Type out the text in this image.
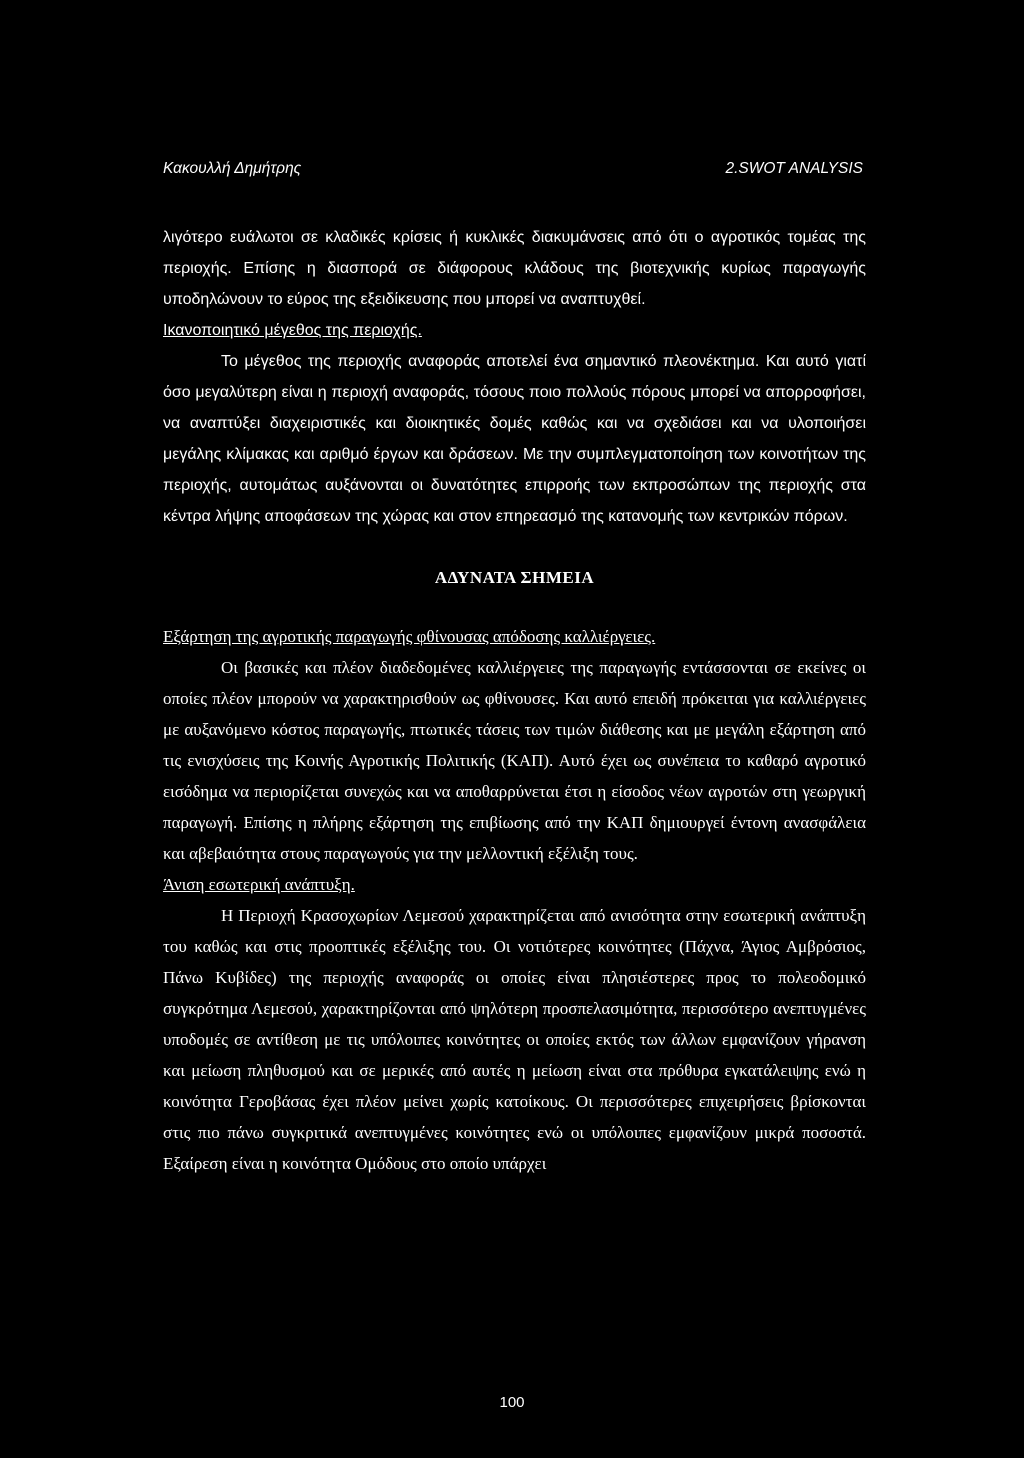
Κακουλλή Δημήτρης	2.SWOT ANALYSIS

λιγότερο ευάλωτοι σε κλαδικές κρίσεις ή κυκλικές διακυμάνσεις από ότι ο αγροτικός τομέας της περιοχής. Επίσης η διασπορά σε διάφορους κλάδους της βιοτεχνικής κυρίως παραγωγής υποδηλώνουν το εύρος της εξειδίκευσης που μπορεί να αναπτυχθεί.

Ικανοποιητικό μέγεθος της περιοχής.

Το μέγεθος της περιοχής αναφοράς αποτελεί ένα σημαντικό πλεονέκτημα. Και αυτό γιατί όσο μεγαλύτερη είναι η περιοχή αναφοράς, τόσους ποιο πολλούς πόρους μπορεί να απορροφήσει, να αναπτύξει διαχειριστικές και διοικητικές δομές καθώς και να σχεδιάσει και να υλοποιήσει μεγάλης κλίμακας και αριθμό έργων και δράσεων. Με την συμπλεγματοποίηση των κοινοτήτων της περιοχής, αυτομάτως αυξάνονται οι δυνατότητες επιρροής των εκπροσώπων της περιοχής στα κέντρα λήψης αποφάσεων της χώρας και στον επηρεασμό της κατανομής των κεντρικών πόρων.

ΑΔΥΝΑΤΑ ΣΗΜΕΙΑ

Εξάρτηση της αγροτικής παραγωγής φθίνουσας απόδοσης καλλιέργειες.

Οι βασικές και πλέον διαδεδομένες καλλιέργειες της παραγωγής εντάσσονται σε εκείνες οι οποίες πλέον μπορούν να χαρακτηρισθούν ως φθίνουσες. Και αυτό επειδή πρόκειται για καλλιέργειες με αυξανόμενο κόστος παραγωγής, πτωτικές τάσεις των τιμών διάθεσης και με μεγάλη εξάρτηση από τις ενισχύσεις της Κοινής Αγροτικής Πολιτικής (ΚΑΠ). Αυτό έχει ως συνέπεια το καθαρό αγροτικό εισόδημα να περιορίζεται συνεχώς και να αποθαρρύνεται έτσι η είσοδος νέων αγροτών στη γεωργική παραγωγή. Επίσης η πλήρης εξάρτηση της επιβίωσης από την ΚΑΠ δημιουργεί έντονη ανασφάλεια και αβεβαιότητα στους παραγωγούς για την μελλοντική εξέλιξη τους.

Άνιση εσωτερική ανάπτυξη.

Η Περιοχή Κρασοχωρίων Λεμεσού χαρακτηρίζεται από ανισότητα στην εσωτερική ανάπτυξη του καθώς και στις προοπτικές εξέλιξης του. Οι νοτιότερες κοινότητες (Πάχνα, Άγιος Αμβρόσιος, Πάνω Κυβίδες) της περιοχής αναφοράς οι οποίες είναι πλησιέστερες προς το πολεοδομικό συγκρότημα Λεμεσού, χαρακτηρίζονται από ψηλότερη προσπελασιμότητα, περισσότερο ανεπτυγμένες υποδομές σε αντίθεση με τις υπόλοιπες κοινότητες οι οποίες εκτός των άλλων εμφανίζουν γήρανση και μείωση πληθυσμού και σε μερικές από αυτές η μείωση είναι στα πρόθυρα εγκατάλειψης ενώ η κοινότητα Γεροβάσας έχει πλέον μείνει χωρίς κατοίκους. Οι περισσότερες επιχειρήσεις βρίσκονται στις πιο πάνω συγκριτικά ανεπτυγμένες κοινότητες ενώ οι υπόλοιπες εμφανίζουν μικρά ποσοστά. Εξαίρεση είναι η κοινότητα Ομόδους στο οποίο υπάρχει

100
